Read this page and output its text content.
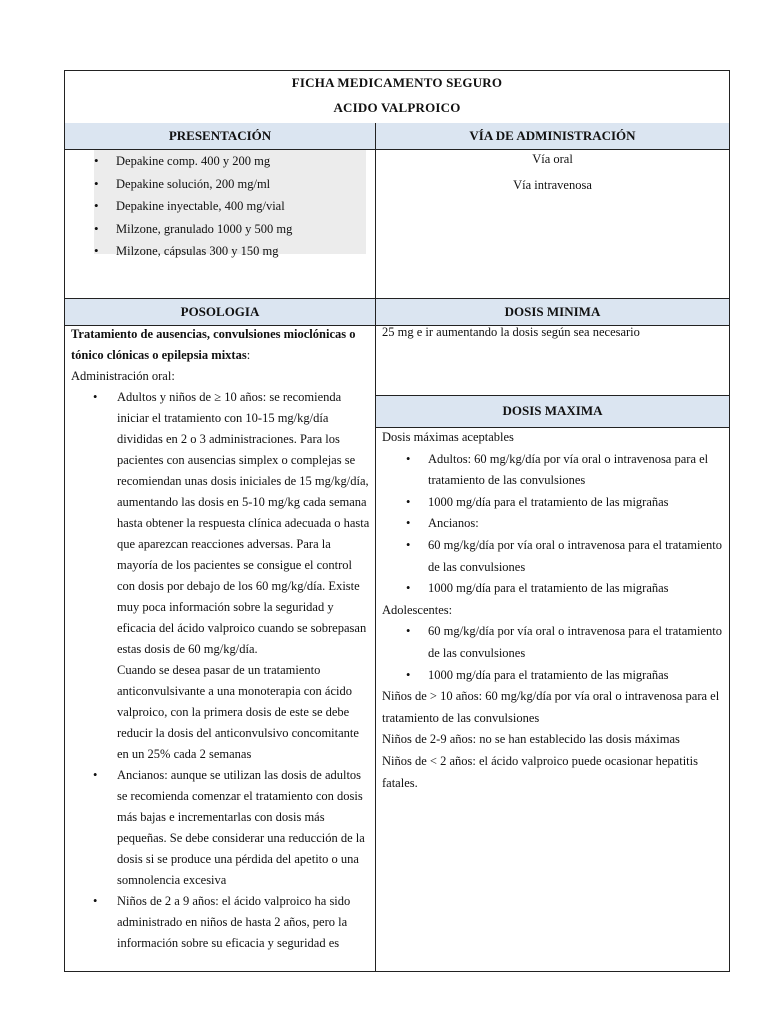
FICHA MEDICAMENTO SEGURO
ACIDO VALPROICO
PRESENTACIÓN	VÍA DE ADMINISTRACIÓN
• Depakine comp. 400 y 200 mg
• Depakine solución, 200 mg/ml
• Depakine inyectable, 400 mg/vial
• Milzone, granulado 1000 y 500 mg
• Milzone, cápsulas 300 y 150 mg
Vía oral
Vía intravenosa
POSOLOGIA	DOSIS MINIMA
25 mg e ir aumentando la dosis según sea necesario
DOSIS MAXIMA

Tratamiento de ausencias, convulsiones mioclónicas o tónico clónicas o epilepsia mixtas:

Administración oral:

• Adultos y niños de ≥ 10 años: se recomienda iniciar el tratamiento con 10-15 mg/kg/día divididas en 2 o 3 administraciones. Para los pacientes con ausencias simplex o complejas se recomiendan unas dosis iniciales de 15 mg/kg/día, aumentando las dosis en 5-10 mg/kg cada semana hasta obtener la respuesta clínica adecuada o hasta que aparezcan reacciones adversas. Para la mayoría de los pacientes se consigue el control con dosis por debajo de los 60 mg/kg/día. Existe muy poca información sobre la seguridad y eficacia del ácido valproico cuando se sobrepasan estas dosis de 60 mg/kg/día.
Cuando se desea pasar de un tratamiento anticonvulsivante a una monoterapia con ácido valproico, con la primera dosis de este se debe reducir la dosis del anticonvulsivo concomitante en un 25% cada 2 semanas
• Ancianos: aunque se utilizan las dosis de adultos se recomienda comenzar el tratamiento con dosis más bajas e incrementarlas con dosis más pequeñas. Se debe considerar una reducción de la dosis si se produce una pérdida del apetito o una somnolencia excesiva
• Niños de 2 a 9 años: el ácido valproico ha sido administrado en niños de hasta 2 años, pero la información sobre su eficacia y seguridad es

Dosis máximas aceptables

• Adultos: 60 mg/kg/día por vía oral o intravenosa para el tratamiento de las convulsiones
• 1000 mg/día para el tratamiento de las migrañas
• Ancianos:
• 60 mg/kg/día por vía oral o intravenosa para el tratamiento de las convulsiones
• 1000 mg/día para el tratamiento de las migrañas

Adolescentes:

• 60 mg/kg/día por vía oral o intravenosa para el tratamiento de las convulsiones
• 1000 mg/día para el tratamiento de las migrañas

Niños de > 10 años: 60 mg/kg/día por vía oral o intravenosa para el tratamiento de las convulsiones

Niños de 2-9 años: no se han establecido las dosis máximas

Niños de < 2 años: el ácido valproico puede ocasionar hepatitis fatales.
